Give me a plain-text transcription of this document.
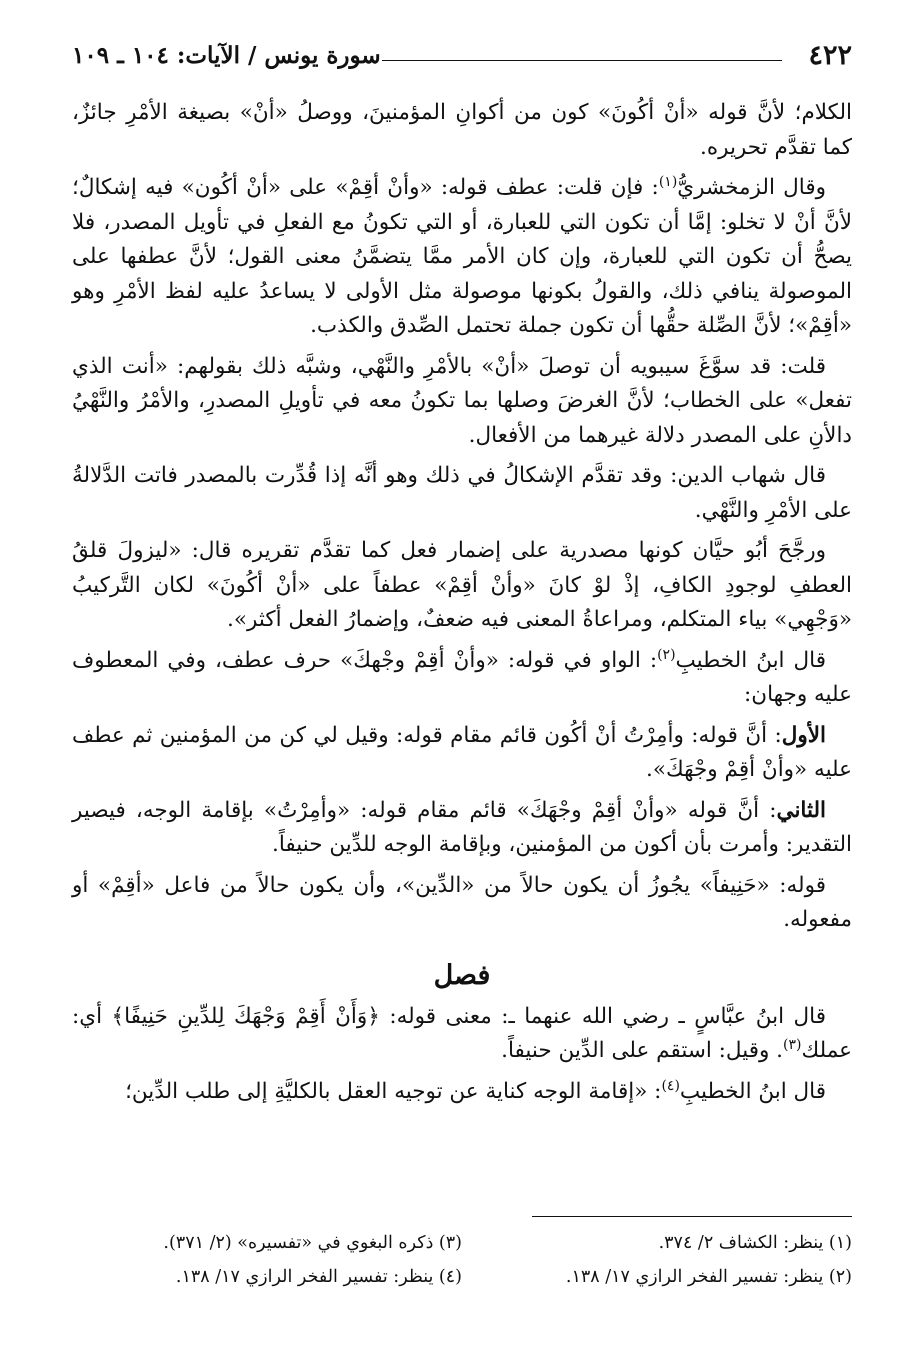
٤٢٢
سورة يونس / الآيات: ١٠٤ ـ ١٠٩

الكلام؛ لأنَّ قوله «أنْ أكُونَ» كون من أكوانِ المؤمنينَ، ووصلُ «أنْ» بصيغة الأمْرِ جائزٌ، كما تقدَّم تحريره.

وقال الزمخشريُّ$^{(١)}$: فإن قلت: عطف قوله: «وأنْ أقِمْ» على «أنْ أكُون» فيه إشكالٌ؛ لأنَّ أنْ لا تخلو: إمَّا أن تكون التي للعبارة، أو التي تكونُ مع الفعلِ في تأويل المصدر، فلا يصحُّ أن تكون التي للعبارة، وإن كان الأمر ممَّا يتضمَّنُ معنى القول؛ لأنَّ عطفها على الموصولة ينافي ذلك، والقولُ بكونها موصولة مثل الأولى لا يساعدُ عليه لفظ الأمْرِ وهو «أقِمْ»؛ لأنَّ الصِّلة حقُّها أن تكون جملة تحتمل الصِّدق والكذب.

قلت: قد سوَّغَ سيبويه أن توصلَ «أنْ» بالأمْرِ والنَّهْي، وشبَّه ذلك بقولهم: «أنت الذي تفعل» على الخطاب؛ لأنَّ الغرضَ وصلها بما تكونُ معه في تأويلِ المصدرِ، والأمْرُ والنَّهْيُ دالأنِ على المصدر دلالة غيرهما من الأفعال.

قال شهاب الدين: وقد تقدَّم الإشكالُ في ذلك وهو أنَّه إذا قُدِّرت بالمصدر فاتت الدَّلالةُ على الأمْرِ والنَّهْي.

ورجَّحَ أبُو حيَّان كونها مصدرية على إضمار فعل كما تقدَّم تقريره قال: «ليزولَ قلقُ العطفِ لوجودِ الكافِ، إذْ لوْ كانَ «وأنْ أقِمْ» عطفاً على «أنْ أكُونَ» لكان التَّركيبُ «وَجْهِي» بياء المتكلم، ومراعاةُ المعنى فيه ضعفٌ، وإضمارُ الفعل أكثر».

قال ابنُ الخطيبِ$^{(٢)}$: الواو في قوله: «وأنْ أقِمْ وجْهكَ» حرف عطف، وفي المعطوف عليه وجهان:

الأول: أنَّ قوله: وأمِرْتُ أنْ أكُون قائم مقام قوله: وقيل لي كن من المؤمنين ثم عطف عليه «وأنْ أقِمْ وجْهَكَ».

الثاني: أنَّ قوله «وأنْ أقِمْ وجْهَكَ» قائم مقام قوله: «وأمِرْتُ» بإقامة الوجه، فيصير التقدير: وأمرت بأن أكون من المؤمنين، وبإقامة الوجه للدِّين حنيفاً.

قوله: «حَنِيفاً» يجُوزُ أن يكون حالاً من «الدِّين»، وأن يكون حالاً من فاعل «أقِمْ» أو مفعوله.

فصل

قال ابنُ عبَّاسٍ ـ رضي الله عنهما ـ: معنى قوله: ﴿وَأَنْ أَقِمْ وَجْهَكَ لِلدِّينِ حَنِيفًا﴾ أي: عملك$^{(٣)}$. وقيل: استقم على الدِّين حنيفاً.

قال ابنُ الخطيبِ$^{(٤)}$: «إقامة الوجه كناية عن توجيه العقل بالكليَّةِ إلى طلب الدِّين؛

(١) ينظر: الكشاف ٢/ ٣٧٤.
(٣) ذكره البغوي في «تفسيره» (٢/ ٣٧١).
(٢) ينظر: تفسير الفخر الرازي ١٧/ ١٣٨.
(٤) ينظر: تفسير الفخر الرازي ١٧/ ١٣٨.
